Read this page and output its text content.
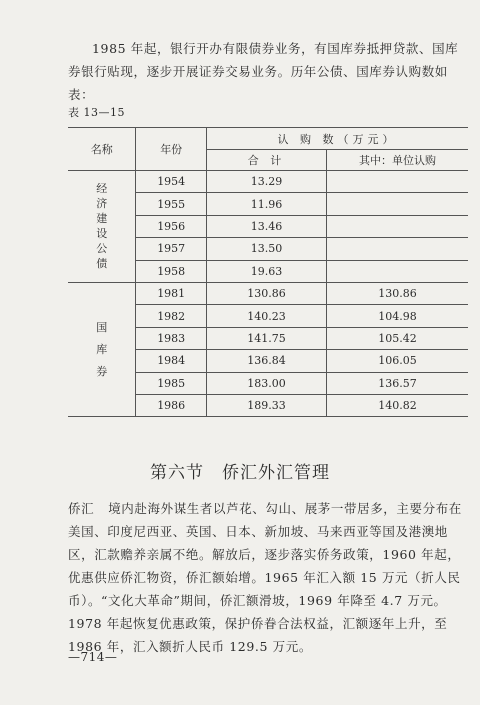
1985 年起，银行开办有限债券业务，有国库券抵押贷款、国库券银行贴现，逐步开展证券交易业务。历年公债、国库券认购数如表：

表 13—15
名称	年份	认 购 数（万元）	
		合 计	其中：单位认购

经济建设公债	1954	13.29	
	1955	11.96	
	1956	13.46	
	1957	13.50	
	1958	19.63	

国库券	1981	130.86	130.86
	1982	140.23	104.98
	1983	141.75	105.42
	1984	136.84	106.05
	1985	183.00	136.57
	1986	189.33	140.82
第六节　侨汇外汇管理

侨汇 境内赴海外谋生者以芦花、勾山、展茅一带居多，主要分布在美国、印度尼西亚、英国、日本、新加坡、马来西亚等国及港澳地区，汇款赡养亲属不绝。解放后，逐步落实侨务政策，1960 年起，优惠供应侨汇物资，侨汇额始增。1965 年汇入额 15 万元（折人民币）。“文化大革命”期间，侨汇额滑坡，1969 年降至 4.7 万元。1978 年起恢复优惠政策，保护侨眷合法权益，汇额逐年上升，至 1986 年，汇入额折人民币 129.5 万元。

—714—
